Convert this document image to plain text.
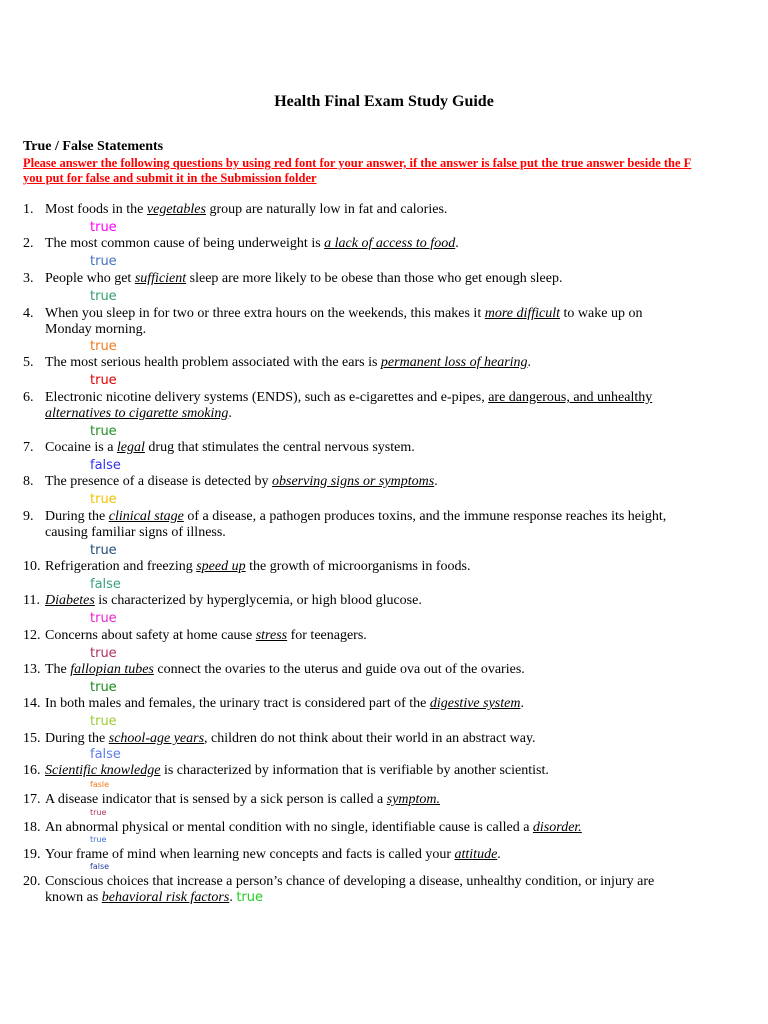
Health Final Exam Study Guide
True / False Statements
Please answer the following questions by using red font for your answer, if the answer is false put the true answer beside the F you put for false and submit it in the Submission folder
1. Most foods in the vegetables group are naturally low in fat and calories.
true
2. The most common cause of being underweight is a lack of access to food.
true
3. People who get sufficient sleep are more likely to be obese than those who get enough sleep.
true
4. When you sleep in for two or three extra hours on the weekends, this makes it more difficult to wake up on Monday morning.
true
5. The most serious health problem associated with the ears is permanent loss of hearing.
true
6. Electronic nicotine delivery systems (ENDS), such as e-cigarettes and e-pipes, are dangerous, and unhealthy alternatives to cigarette smoking.
true
7. Cocaine is a legal drug that stimulates the central nervous system.
false
8. The presence of a disease is detected by observing signs or symptoms.
true
9. During the clinical stage of a disease, a pathogen produces toxins, and the immune response reaches its height, causing familiar signs of illness.
true
10. Refrigeration and freezing speed up the growth of microorganisms in foods.
false
11. Diabetes is characterized by hyperglycemia, or high blood glucose.
true
12. Concerns about safety at home cause stress for teenagers.
true
13. The fallopian tubes connect the ovaries to the uterus and guide ova out of the ovaries.
true
14. In both males and females, the urinary tract is considered part of the digestive system.
true
15. During the school-age years, children do not think about their world in an abstract way.
false
16. Scientific knowledge is characterized by information that is verifiable by another scientist.
fasle
17. A disease indicator that is sensed by a sick person is called a symptom.
true
18. An abnormal physical or mental condition with no single, identifiable cause is called a disorder.
true
19. Your frame of mind when learning new concepts and facts is called your attitude.
false
20. Conscious choices that increase a person’s chance of developing a disease, unhealthy condition, or injury are known as behavioral risk factors. true
